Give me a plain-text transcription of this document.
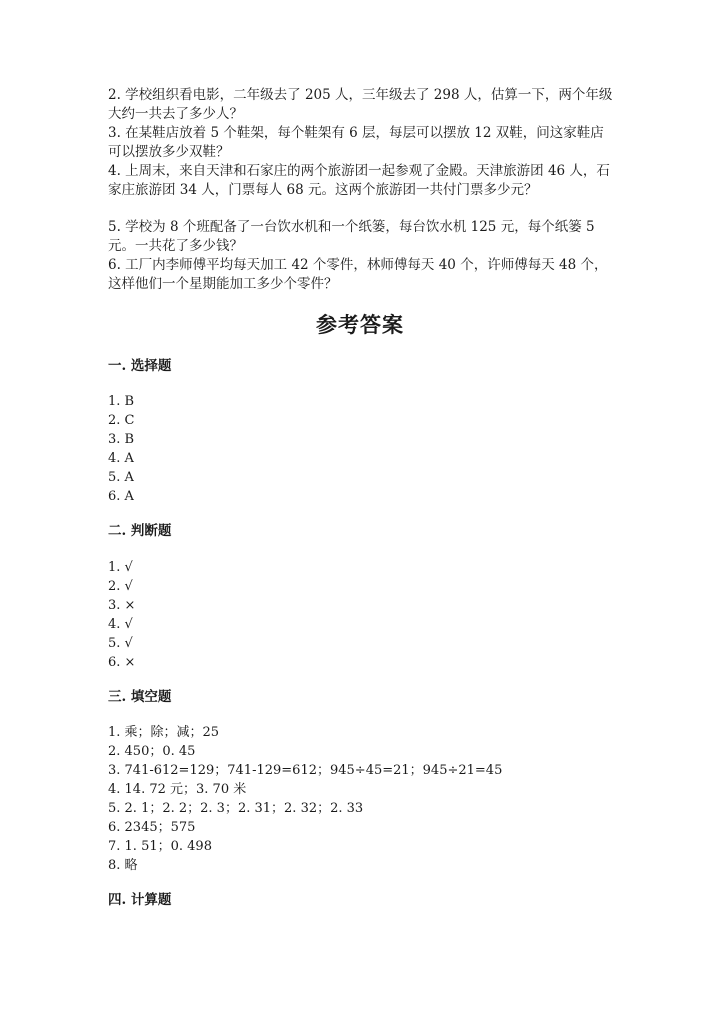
2. 学校组织看电影，二年级去了 205 人，三年级去了 298 人，估算一下，两个年级大约一共去了多少人？

3. 在某鞋店放着 5 个鞋架，每个鞋架有 6 层，每层可以摆放 12 双鞋，问这家鞋店可以摆放多少双鞋？

4. 上周末，来自天津和石家庄的两个旅游团一起参观了金殿。天津旅游团 46 人，石家庄旅游团 34 人，门票每人 68 元。这两个旅游团一共付门票多少元？

5. 学校为 8 个班配备了一台饮水机和一个纸篓，每台饮水机 125 元，每个纸篓 5 元。一共花了多少钱？

6. 工厂内李师傅平均每天加工 42 个零件，林师傅每天 40 个，许师傅每天 48 个，这样他们一个星期能加工多少个零件？

参考答案
一. 选择题
1. B
2. C
3. B
4. A
5. A
6. A
二. 判断题
1. √
2. √
3. ×
4. √
5. √
6. ×
三. 填空题
1. 乘；除；减；25
2. 450；0. 45
3. 741-612=129；741-129=612；945÷45=21；945÷21=45
4. 14. 72 元；3. 70 米
5. 2. 1；2. 2；2. 3；2. 31；2. 32；2. 33
6. 2345；575
7. 1. 51；0. 498
8. 略
四. 计算题
